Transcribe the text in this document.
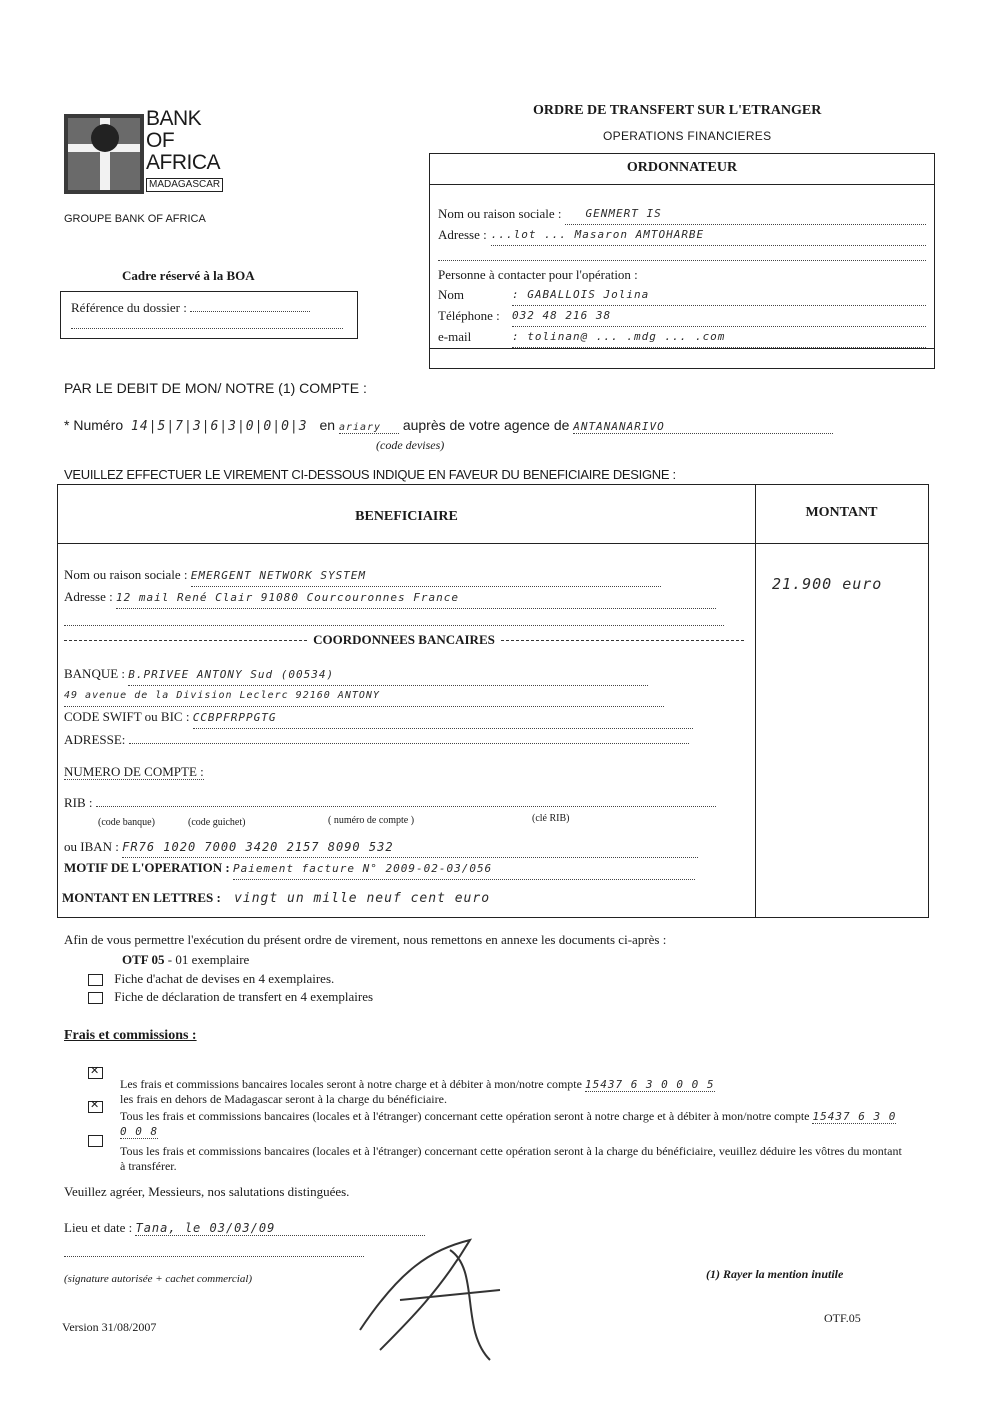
BANK
OF
AFRICA
MADAGASCAR
GROUPE BANK OF AFRICA
ORDRE DE TRANSFERT SUR L'ETRANGER
OPERATIONS FINANCIERES
Cadre réservé à la BOA
Référence du dossier :
ORDONNATEUR
Nom ou raison sociale :	GENMERT IS
Adresse : ...lot ... Masaron AMTOHARBE
Personne à contacter pour l'opération :
Nom	: GABALLOIS Jolina
Téléphone :	032 48 216 38
e-mail	: tolinan@ ... .mdg ... .com
PAR LE DEBIT DE MON/ NOTRE (1) COMPTE :
* Numéro 14|5|7|3|6|3|0|0|0|3 en ariary auprès de votre agence de ANTANANARIVO
(code devises)
VEUILLEZ EFFECTUER LE VIREMENT CI-DESSOUS INDIQUE EN FAVEUR DU BENEFICIAIRE DESIGNE :
BENEFICIAIRE	MONTANT
21.900 euro
Nom ou raison sociale : EMERGENT NETWORK SYSTEM
Adresse : 12 mail René Clair 91080 Courcouronnes France
COORDONNEES BANCAIRES
BANQUE : B.PRIVEE ANTONY Sud (00534)
49 avenue de la Division Leclerc 92160 ANTONY
CODE SWIFT ou BIC : CCBPFRPPGTG
ADRESSE:
NUMERO DE COMPTE :
RIB :
(code banque)	(code guichet)	( numéro de compte )	(clé RIB)
ou IBAN : FR76 1020 7000 3420 2157 8090 532
MOTIF DE L'OPERATION : Paiement facture N° 2009-02-03/056
MONTANT EN LETTRES : vingt un mille neuf cent euro
Afin de vous permettre l'exécution du présent ordre de virement, nous remettons en annexe les documents ci-après :
OTF 05 - 01 exemplaire
Fiche d'achat de devises en 4 exemplaires.
Fiche de déclaration de transfert en 4 exemplaires
Frais et commissions :
✕
Les frais et commissions bancaires locales seront à notre charge et à débiter à mon/notre compte 15437 6 3 0 0 0 5
les frais en dehors de Madagascar seront à la charge du bénéficiaire.
✕
Tous les frais et commissions bancaires (locales et à l'étranger) concernant cette opération seront à notre charge et à débiter à mon/notre compte 15437 6 3 0 0 0 8
Tous les frais et commissions bancaires (locales et à l'étranger) concernant cette opération seront à la charge du bénéficiaire, veuillez déduire les vôtres du montant à transférer.
Veuillez agréer, Messieurs, nos salutations distinguées.
Lieu et date : Tana, le 03/03/09
(signature autorisée + cachet commercial)	(1) Rayer la mention inutile
Version 31/08/2007
OTF.05
